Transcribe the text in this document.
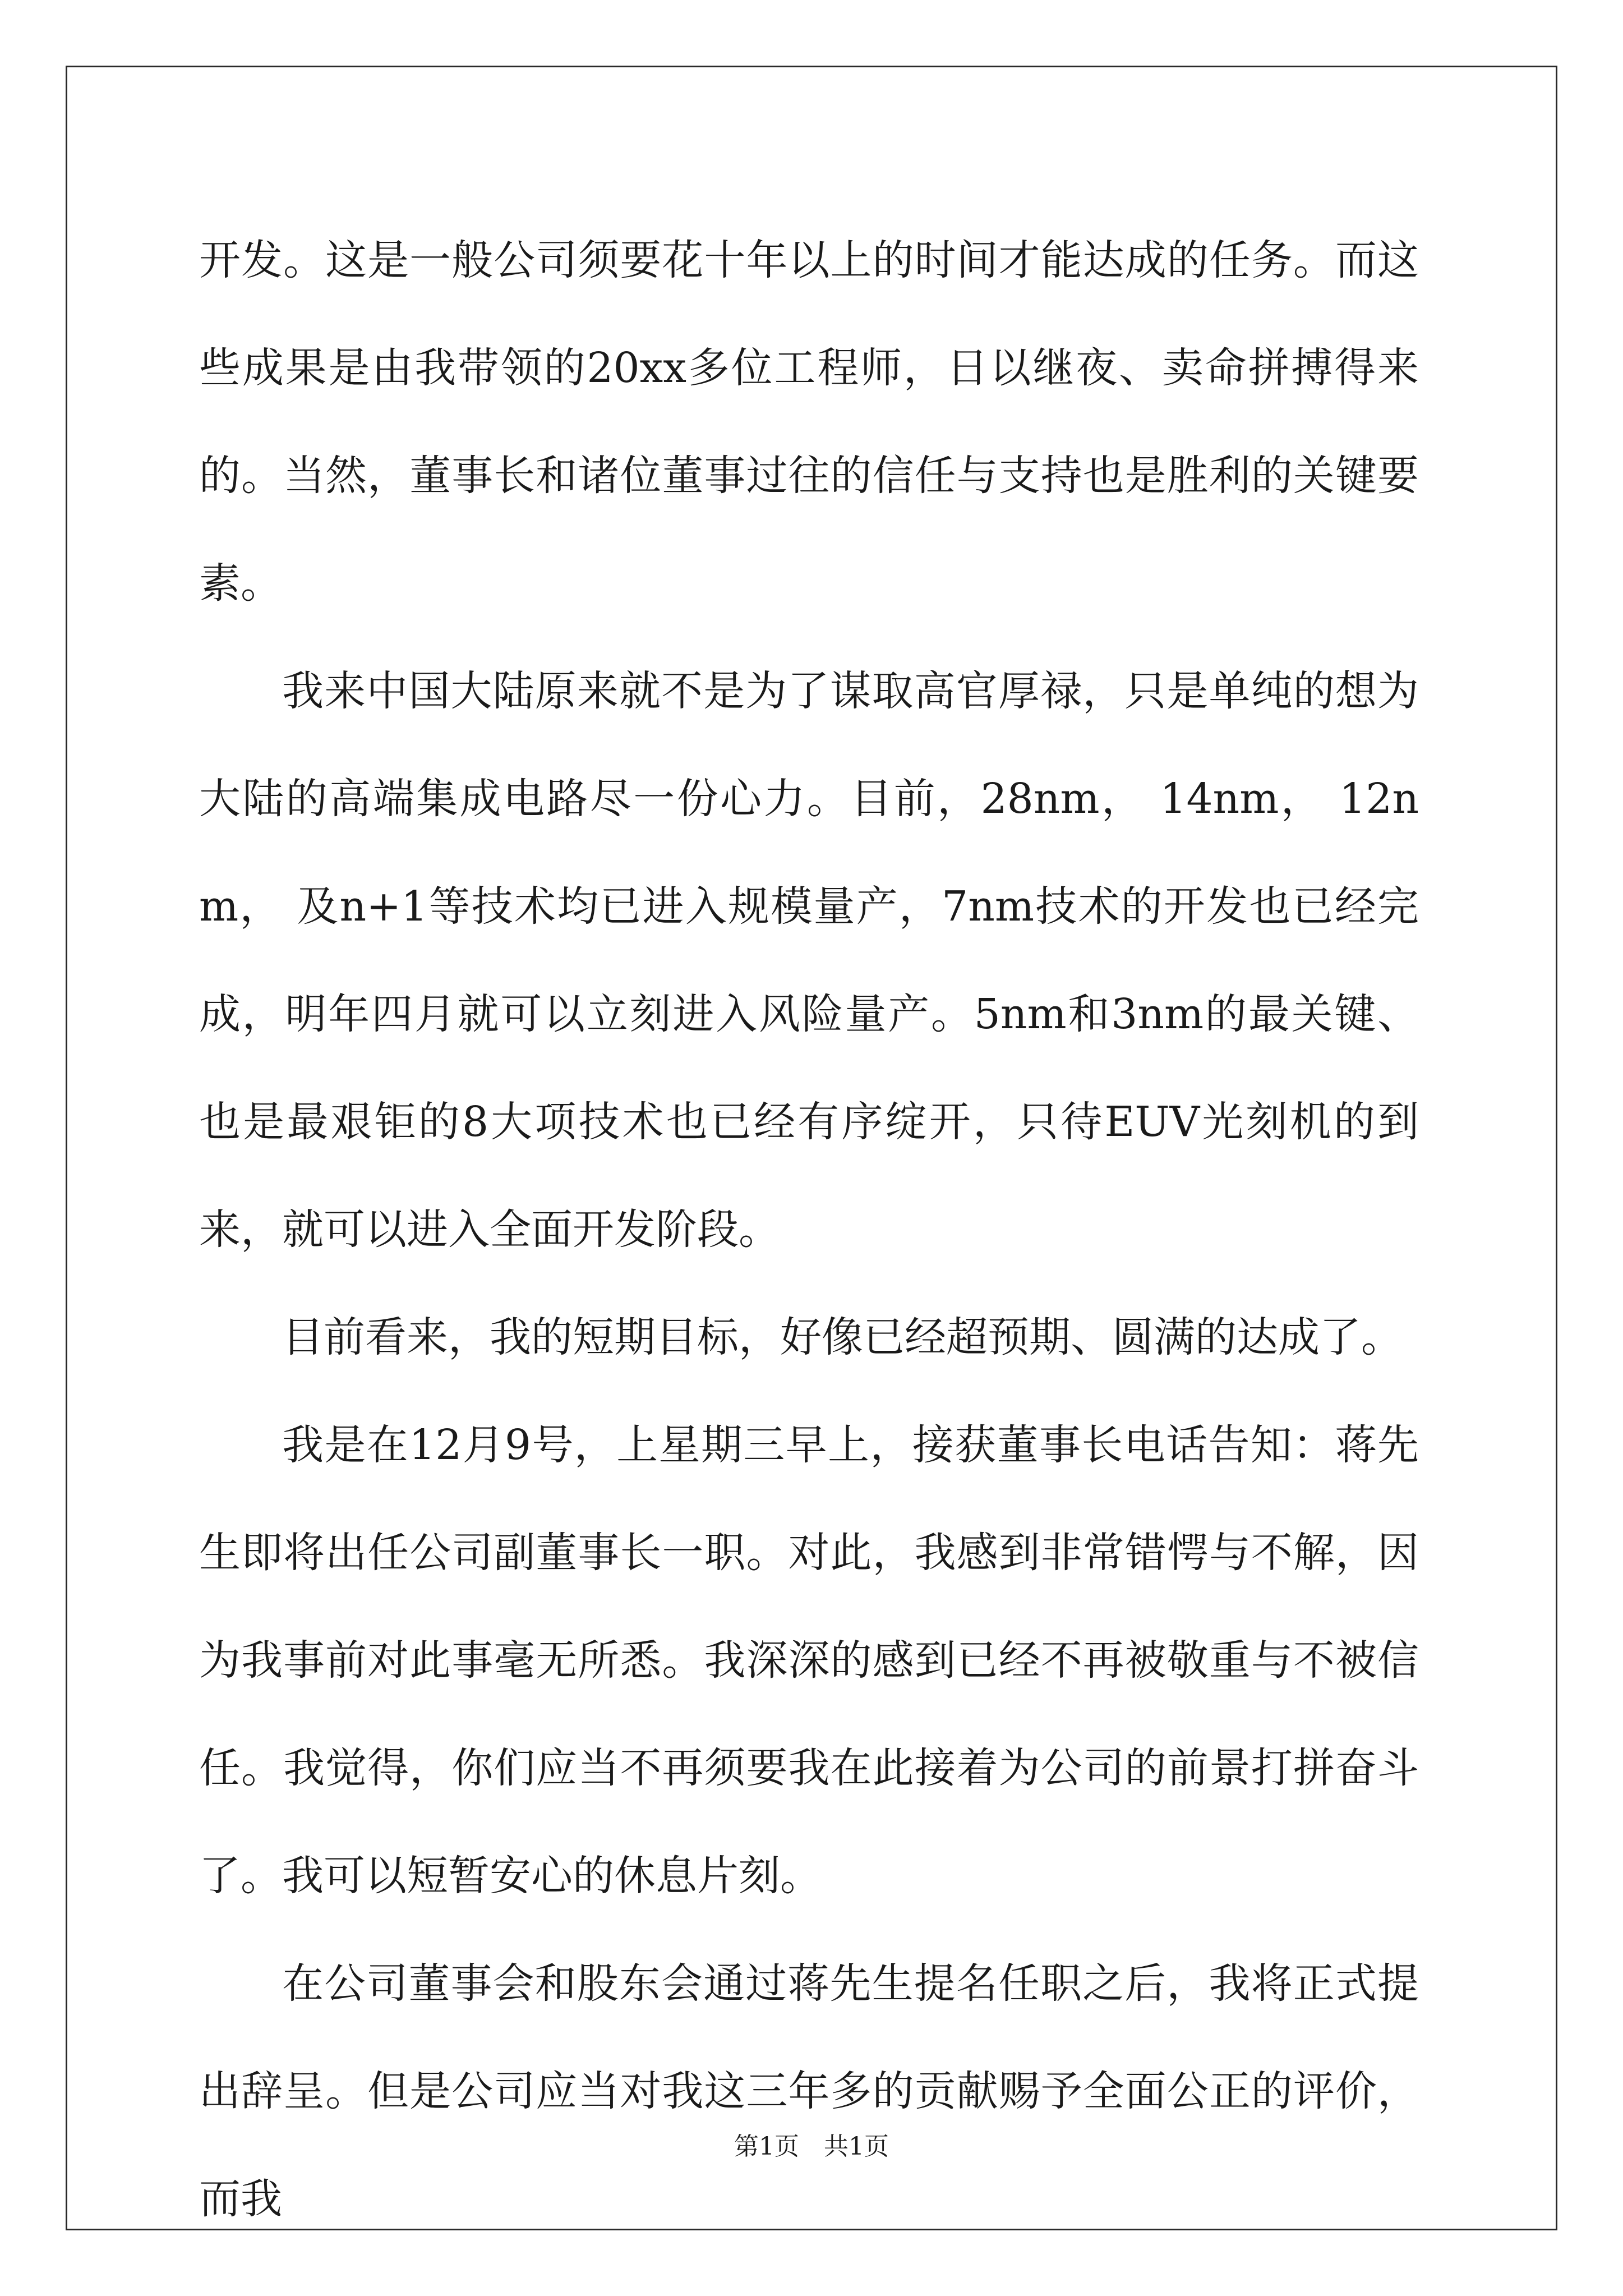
开发。这是一般公司须要花十年以上的时间才能达成的任务。而这些成果是由我带领的20xx多位工程师，日以继夜、卖命拼搏得来的。当然，董事长和诸位董事过往的信任与支持也是胜利的关键要素。

我来中国大陆原来就不是为了谋取高官厚禄，只是单纯的想为大陆的高端集成电路尽一份心力。目前，28nm， 14nm， 12nm， 及n+1等技术均已进入规模量产，7nm技术的开发也已经完成，明年四月就可以立刻进入风险量产。5nm和3nm的最关键、也是最艰钜的8大项技术也已经有序绽开，只待EUV光刻机的到来，就可以进入全面开发阶段。

目前看来，我的短期目标，好像已经超预期、圆满的达成了。

我是在12月9号，上星期三早上，接获董事长电话告知：蒋先生即将出任公司副董事长一职。对此，我感到非常错愕与不解，因为我事前对此事毫无所悉。我深深的感到已经不再被敬重与不被信任。我觉得，你们应当不再须要我在此接着为公司的前景打拼奋斗了。我可以短暂安心的休息片刻。

在公司董事会和股东会通过蒋先生提名任职之后，我将正式提出辞呈。但是公司应当对我这三年多的贡献赐予全面公正的评价，而我

第1页 共1页
